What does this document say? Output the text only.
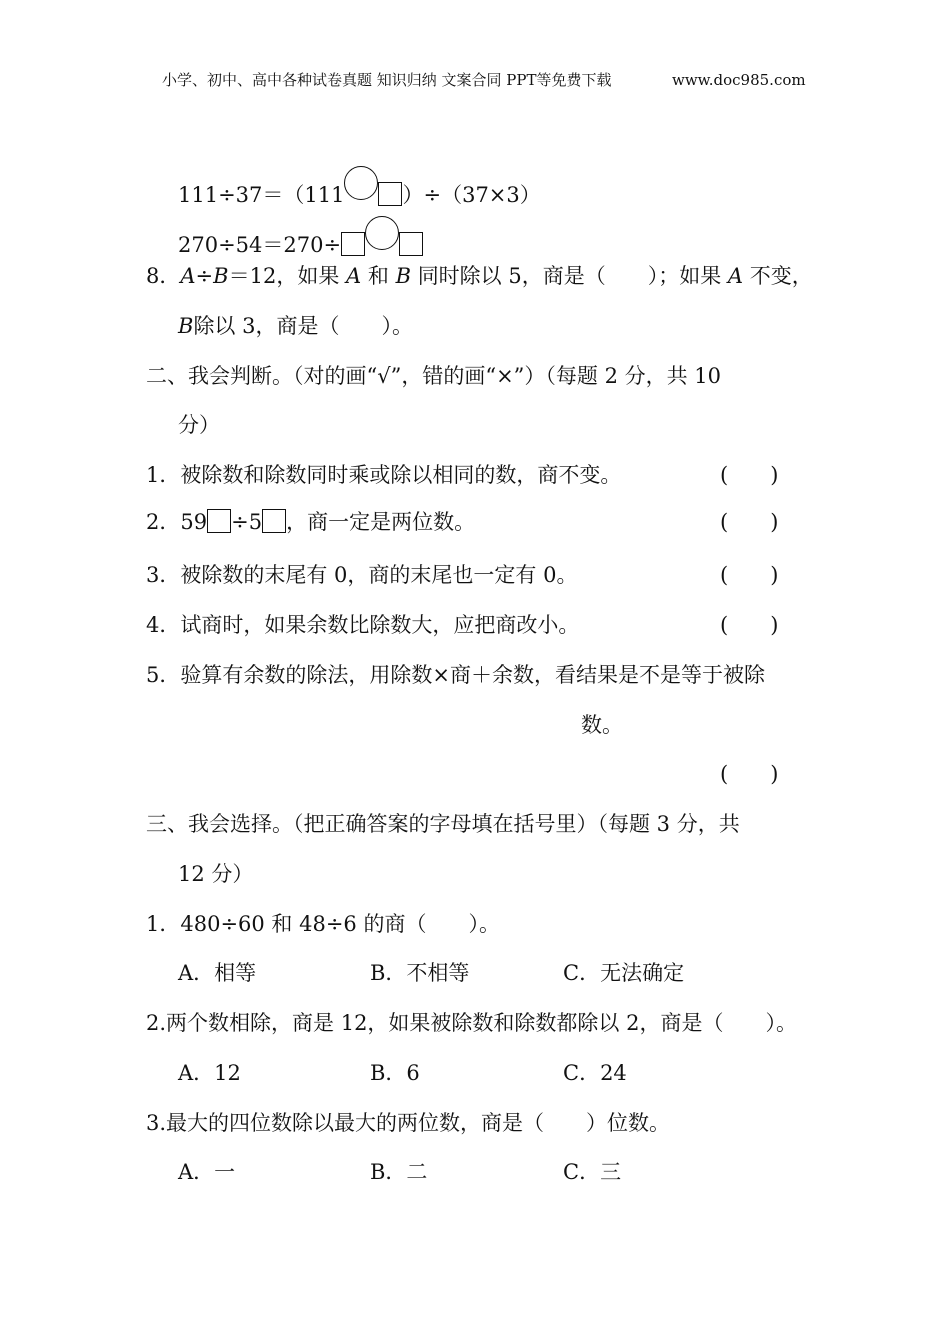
小学、初中、高中各种试卷真题 知识归纳 文案合同 PPT等免费下载	www.doc985.com
111÷37＝（111	）÷（37×3）
270÷54＝270÷
8．A÷B＝12，如果 A 和 B 同时除以 5，商是（　　）；如果 A 不变，
B除以 3，商是（　　）。
二、我会判断。（对的画“√”，错的画“×”）（每题 2 分，共 10
分）
1．被除数和除数同时乘或除以相同的数，商不变。	(　　)
2．59 ÷5 ，商一定是两位数。	(　　)
3．被除数的末尾有 0，商的末尾也一定有 0。	(　　)
4．试商时，如果余数比除数大，应把商改小。	(　　)
5．验算有余数的除法，用除数×商＋余数，看结果是不是等于被除
数。
(　　)
三、我会选择。（把正确答案的字母填在括号里）（每题 3 分，共
12 分）
1．480÷60 和 48÷6 的商（　　）。
A．相等	B．不相等	C．无法确定
2.两个数相除，商是 12，如果被除数和除数都除以 2，商是（　　）。
A．12	B．6	C．24
3.最大的四位数除以最大的两位数，商是（　　）位数。
A．一	B．二	C．三
